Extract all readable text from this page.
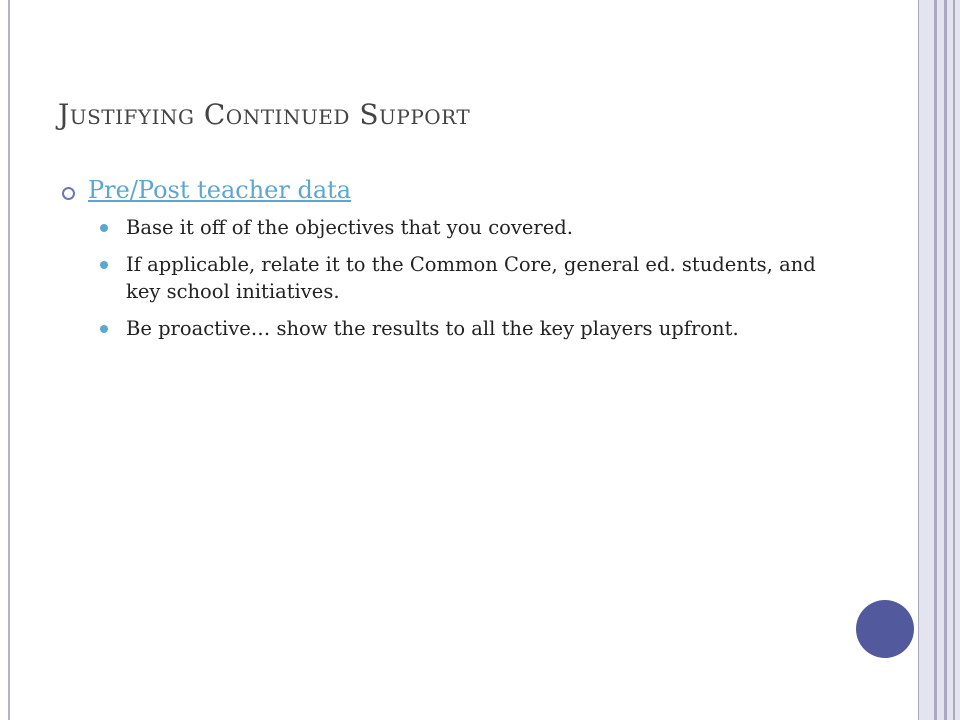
Justifying Continued Support
Pre/Post teacher data
Base it off of the objectives that you covered.
If applicable, relate it to the Common Core, general ed. students, and key school initiatives.
Be proactive… show the results to all the key players upfront.
